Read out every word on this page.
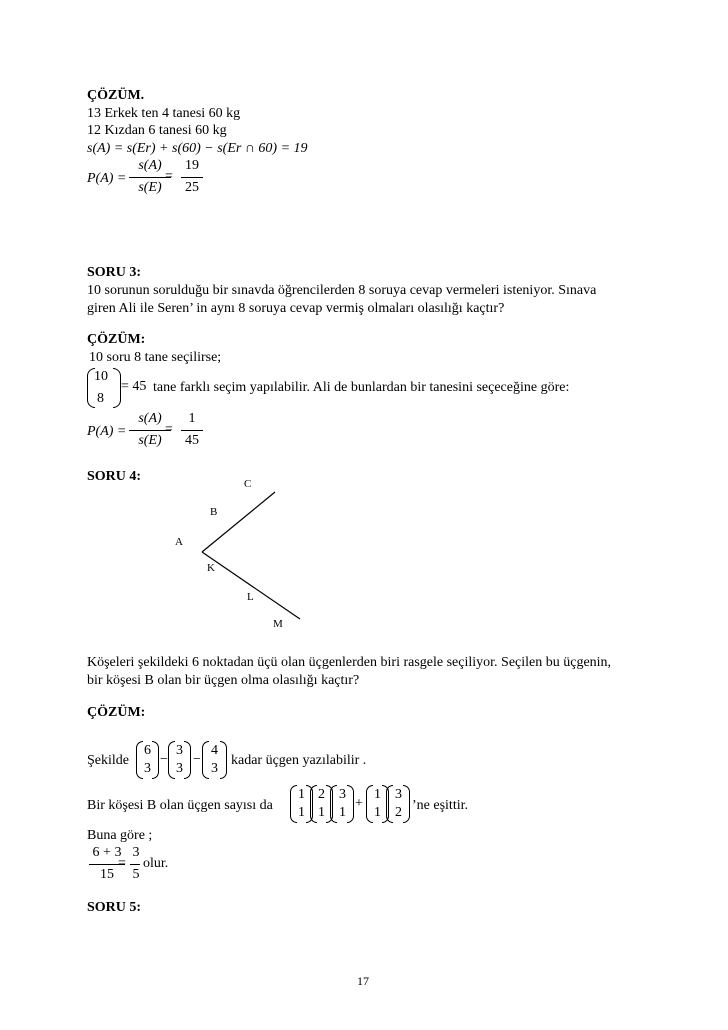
ÇÖZÜM.
13 Erkek ten 4 tanesi 60 kg
12 Kızdan 6 tanesi 60 kg
s(A) = s(Er) + s(60) − s(Er ∩ 60) = 19
P(A) =
s(A)
s(E)
=
19
25
SORU 3:
10 sorunun sorulduğu bir sınavda öğrencilerden 8 soruya cevap vermeleri isteniyor. Sınava
giren Ali ile Seren’ in aynı 8 soruya cevap vermiş olmaları olasılığı kaçtır?
ÇÖZÜM:
10 soru 8 tane seçilirse;
10
8
= 45 tane farklı seçim yapılabilir. Ali de bunlardan bir tanesini seçeceğine göre:
P(A) =
s(A)
s(E)
=
1
45
SORU 4:	C
B
A
K
L
M
Köşeleri şekildeki 6 noktadan üçü olan üçgenlerden biri rasgele seçiliyor. Seçilen bu üçgenin,
bir köşesi B olan bir üçgen olma olasılığı kaçtır?
ÇÖZÜM:
Şekilde
6
3
−
3
3
−
4
3
kadar üçgen yazılabilir .
Bir köşesi B olan üçgen sayısı da
1
1
2
1
3
1
+
1
1
3
2 ’ne eşittir.
Buna göre ;
6 + 3
15
=
3
5
olur.
SORU 5:
17
